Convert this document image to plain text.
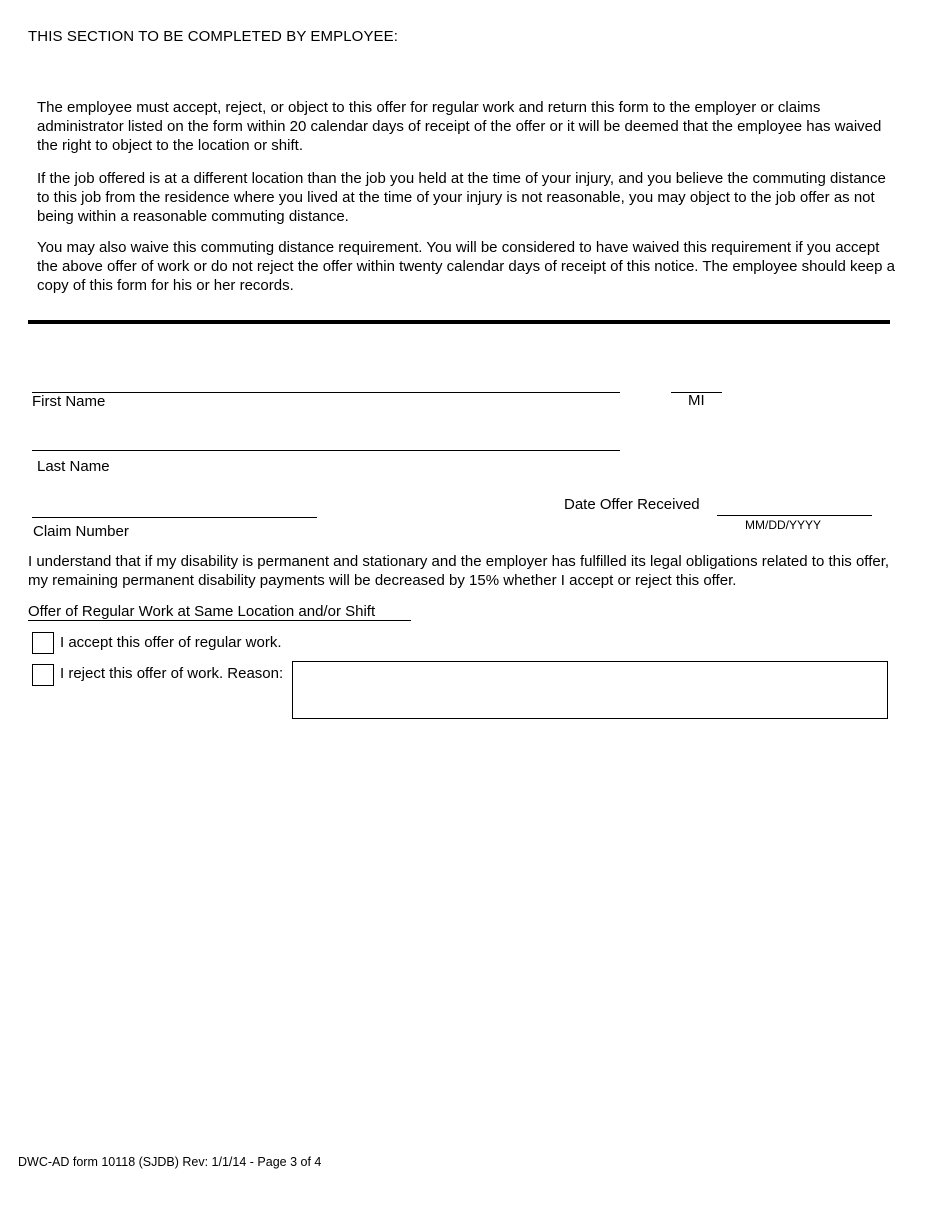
THIS SECTION TO BE COMPLETED BY EMPLOYEE:
The employee must accept, reject, or object to this offer for regular work and return this form to the employer or claims administrator listed on the form within 20 calendar days of receipt of the offer or it will be deemed that the employee has waived the right to object to the location or shift.
If the job offered is at a different location than the job you held at the time of your injury, and you believe the commuting distance to this job from the residence where you lived at the time of your injury is not reasonable, you may object to the job offer as not being within a reasonable commuting distance.
You may also waive this commuting distance requirement. You will be considered to have waived this requirement if you accept the above offer of work or do not reject the offer within twenty calendar days of receipt of this notice. The employee should keep a copy of this form for his or her records.
First Name	MI
Last Name
Claim Number
Date Offer Received
MM/DD/YYYY
I understand that if my disability is permanent and stationary and the employer has fulfilled its legal obligations related to this offer, my remaining permanent disability payments will be decreased by 15% whether I accept or reject this offer.
Offer of Regular Work at Same Location and/or Shift
I accept this offer of regular work.
I reject this offer of work. Reason:
DWC-AD form 10118 (SJDB) Rev: 1/1/14 - Page 3 of 4
